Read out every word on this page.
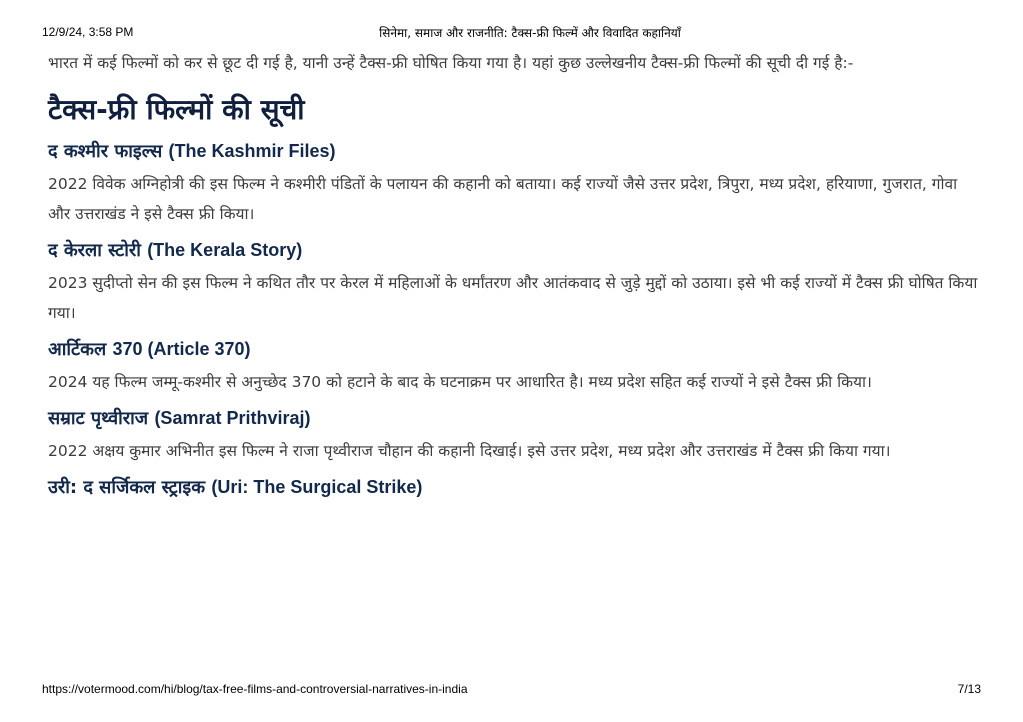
12/9/24, 3:58 PM	सिनेमा, समाज और राजनीति: टैक्स-फ्री फिल्में और विवादित कहानियाँ

भारत में कई फिल्मों को कर से छूट दी गई है, यानी उन्हें टैक्स-फ्री घोषित किया गया है। यहां कुछ उल्लेखनीय टैक्स-फ्री फिल्मों की सूची दी गई है:-

टैक्स-फ्री फिल्मों की सूची
द कश्मीर फाइल्स (The Kashmir Files)

2022 विवेक अग्निहोत्री की इस फिल्म ने कश्मीरी पंडितों के पलायन की कहानी को बताया। कई राज्यों जैसे उत्तर प्रदेश, त्रिपुरा, मध्य प्रदेश, हरियाणा, गुजरात, गोवा और उत्तराखंड ने इसे टैक्स फ्री किया।

द केरला स्टोरी (The Kerala Story)

2023 सुदीप्तो सेन की इस फिल्म ने कथित तौर पर केरल में महिलाओं के धर्मांतरण और आतंकवाद से जुड़े मुद्दों को उठाया। इसे भी कई राज्यों में टैक्स फ्री घोषित किया गया।

आर्टिकल 370 (Article 370)

2024 यह फिल्म जम्मू-कश्मीर से अनुच्छेद 370 को हटाने के बाद के घटनाक्रम पर आधारित है। मध्य प्रदेश सहित कई राज्यों ने इसे टैक्स फ्री किया।

सम्राट पृथ्वीराज (Samrat Prithviraj)

2022 अक्षय कुमार अभिनीत इस फिल्म ने राजा पृथ्वीराज चौहान की कहानी दिखाई। इसे उत्तर प्रदेश, मध्य प्रदेश और उत्तराखंड में टैक्स फ्री किया गया।

उरी: द सर्जिकल स्ट्राइक (Uri: The Surgical Strike)
https://votermood.com/hi/blog/tax-free-films-and-controversial-narratives-in-india	7/13
